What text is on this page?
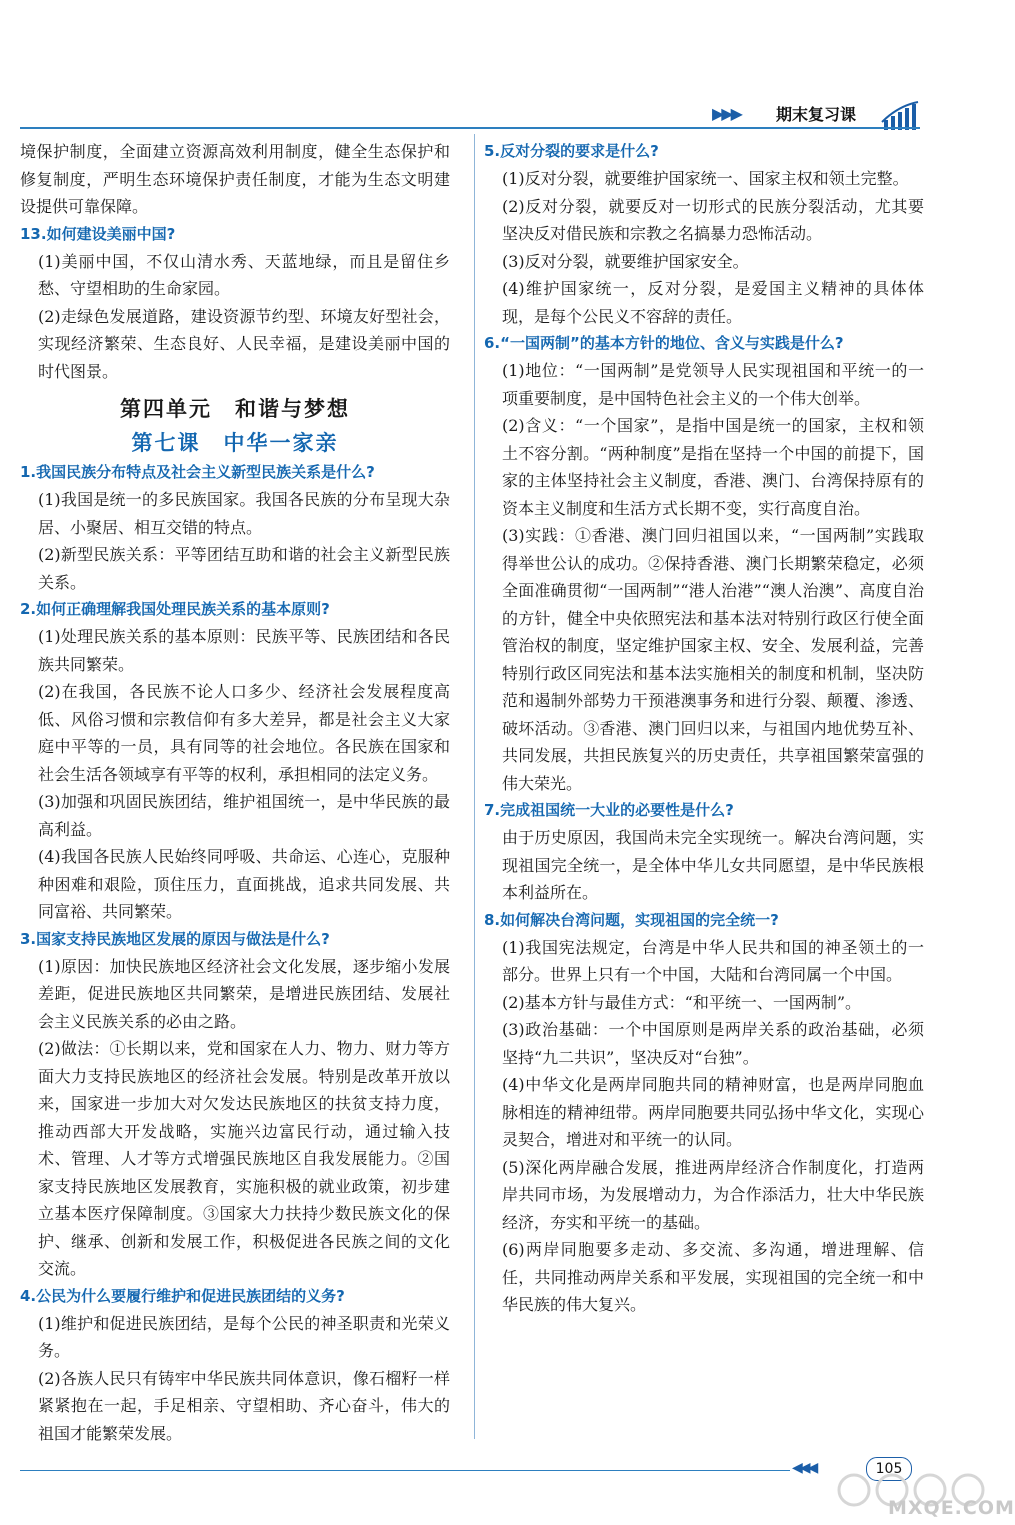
▶▶▶ 期末复习课

境保护制度，全面建立资源高效利用制度，健全生态保护和修复制度，严明生态环境保护责任制度，才能为生态文明建设提供可靠保障。

13.如何建设美丽中国?

(1)美丽中国，不仅山清水秀、天蓝地绿，而且是留住乡愁、守望相助的生命家园。

(2)走绿色发展道路，建设资源节约型、环境友好型社会，实现经济繁荣、生态良好、人民幸福，是建设美丽中国的时代图景。

第四单元　和谐与梦想
第七课　中华一家亲

1.我国民族分布特点及社会主义新型民族关系是什么?

(1)我国是统一的多民族国家。我国各民族的分布呈现大杂居、小聚居、相互交错的特点。

(2)新型民族关系：平等团结互助和谐的社会主义新型民族关系。

2.如何正确理解我国处理民族关系的基本原则?

(1)处理民族关系的基本原则：民族平等、民族团结和各民族共同繁荣。

(2)在我国，各民族不论人口多少、经济社会发展程度高低、风俗习惯和宗教信仰有多大差异，都是社会主义大家庭中平等的一员，具有同等的社会地位。各民族在国家和社会生活各领域享有平等的权利，承担相同的法定义务。

(3)加强和巩固民族团结，维护祖国统一，是中华民族的最高利益。

(4)我国各民族人民始终同呼吸、共命运、心连心，克服种种困难和艰险，顶住压力，直面挑战，追求共同发展、共同富裕、共同繁荣。

3.国家支持民族地区发展的原因与做法是什么?

(1)原因：加快民族地区经济社会文化发展，逐步缩小发展差距，促进民族地区共同繁荣，是增进民族团结、发展社会主义民族关系的必由之路。

(2)做法：①长期以来，党和国家在人力、物力、财力等方面大力支持民族地区的经济社会发展。特别是改革开放以来，国家进一步加大对欠发达民族地区的扶贫支持力度，推动西部大开发战略，实施兴边富民行动，通过输入技术、管理、人才等方式增强民族地区自我发展能力。②国家支持民族地区发展教育，实施积极的就业政策，初步建立基本医疗保障制度。③国家大力扶持少数民族文化的保护、继承、创新和发展工作，积极促进各民族之间的文化交流。

4.公民为什么要履行维护和促进民族团结的义务?

(1)维护和促进民族团结，是每个公民的神圣职责和光荣义务。

(2)各族人民只有铸牢中华民族共同体意识，像石榴籽一样紧紧抱在一起，手足相亲、守望相助、齐心奋斗，伟大的祖国才能繁荣发展。

5.反对分裂的要求是什么?

(1)反对分裂，就要维护国家统一、国家主权和领土完整。

(2)反对分裂，就要反对一切形式的民族分裂活动，尤其要坚决反对借民族和宗教之名搞暴力恐怖活动。

(3)反对分裂，就要维护国家安全。

(4)维护国家统一，反对分裂，是爱国主义精神的具体体现，是每个公民义不容辞的责任。

6.“一国两制”的基本方针的地位、含义与实践是什么?

(1)地位：“一国两制”是党领导人民实现祖国和平统一的一项重要制度，是中国特色社会主义的一个伟大创举。

(2)含义：“一个国家”，是指中国是统一的国家，主权和领土不容分割。“两种制度”是指在坚持一个中国的前提下，国家的主体坚持社会主义制度，香港、澳门、台湾保持原有的资本主义制度和生活方式长期不变，实行高度自治。

(3)实践：①香港、澳门回归祖国以来，“一国两制”实践取得举世公认的成功。②保持香港、澳门长期繁荣稳定，必须全面准确贯彻“一国两制”“港人治港”“澳人治澳”、高度自治的方针，健全中央依照宪法和基本法对特别行政区行使全面管治权的制度，坚定维护国家主权、安全、发展利益，完善特别行政区同宪法和基本法实施相关的制度和机制，坚决防范和遏制外部势力干预港澳事务和进行分裂、颠覆、渗透、破坏活动。③香港、澳门回归以来，与祖国内地优势互补、共同发展，共担民族复兴的历史责任，共享祖国繁荣富强的伟大荣光。

7.完成祖国统一大业的必要性是什么?

由于历史原因，我国尚未完全实现统一。解决台湾问题，实现祖国完全统一，是全体中华儿女共同愿望，是中华民族根本利益所在。

8.如何解决台湾问题，实现祖国的完全统一?

(1)我国宪法规定，台湾是中华人民共和国的神圣领土的一部分。世界上只有一个中国，大陆和台湾同属一个中国。

(2)基本方针与最佳方式：“和平统一、一国两制”。

(3)政治基础：一个中国原则是两岸关系的政治基础，必须坚持“九二共识”，坚决反对“台独”。

(4)中华文化是两岸同胞共同的精神财富，也是两岸同胞血脉相连的精神纽带。两岸同胞要共同弘扬中华文化，实现心灵契合，增进对和平统一的认同。

(5)深化两岸融合发展，推进两岸经济合作制度化，打造两岸共同市场，为发展增动力，为合作添活力，壮大中华民族经济，夯实和平统一的基础。

(6)两岸同胞要多走动、多交流、多沟通，增进理解、信任，共同推动两岸关系和平发展，实现祖国的完全统一和中华民族的伟大复兴。

◀◀◀	105
MXQE.COM
